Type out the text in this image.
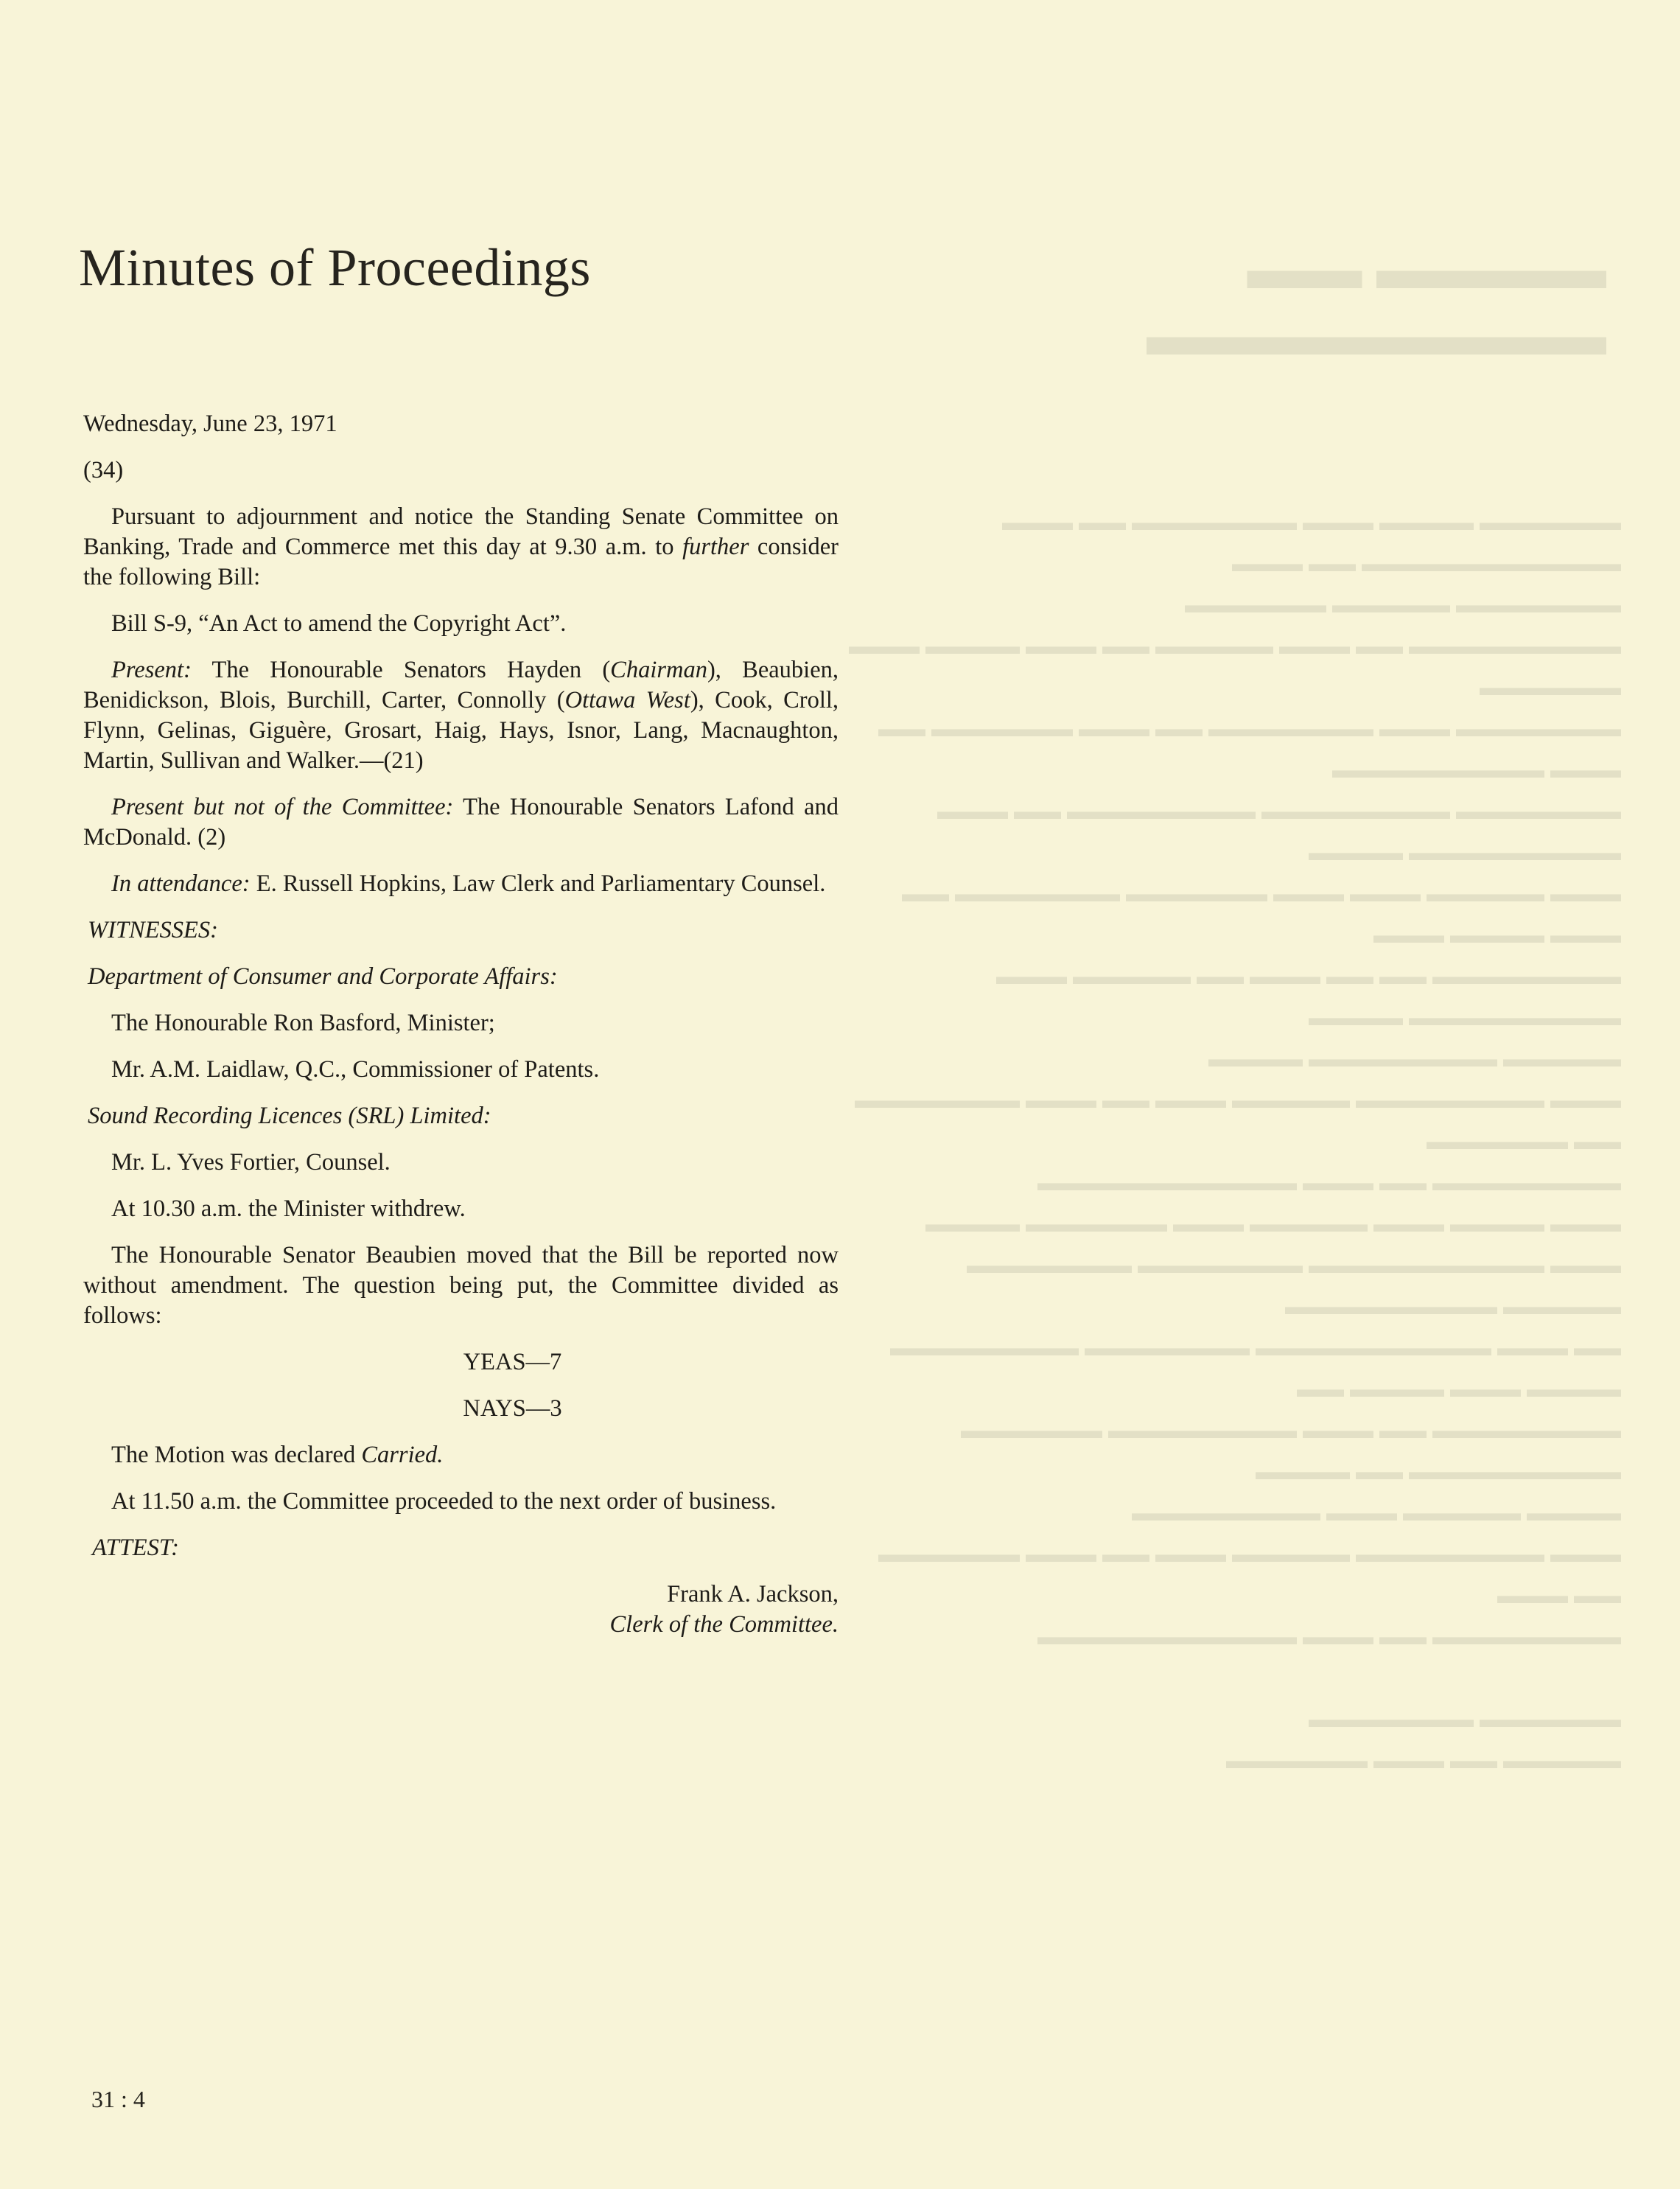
▬▬▬▬ ▬▬ ▬▬▬▬▬▬▬▬
▬▬▬▬▬▬ ▬▬▬▬ ▬▬▬ ▬▬▬▬▬▬▬ ▬▬ ▬▬▬ ▬▬▬▬▬▬▬▬▬▬▬ ▬▬ ▬▬▬
▬▬▬▬▬▬▬ ▬▬▬▬▬ ▬▬▬▬▬▬
▬▬▬▬▬▬▬▬▬ ▬▬ ▬▬▬ ▬▬▬▬▬ ▬▬ ▬▬▬ ▬▬▬▬ ▬▬▬ ▬▬▬▬▬▬
▬▬▬▬▬▬▬ ▬▬▬ ▬▬▬▬▬▬▬ ▬▬ ▬▬▬ ▬▬▬▬▬▬ ▬▬ ▬▬▬ ▬▬▬▬▬▬▬▬▬
▬▬▬▬▬▬▬ ▬▬▬▬▬▬▬▬ ▬▬▬▬▬▬▬▬ ▬▬ ▬▬▬ ▬▬▬▬▬▬▬▬▬ ▬▬▬▬
▬▬▬ ▬▬▬▬▬ ▬▬▬ ▬▬▬ ▬▬▬▬▬▬ ▬▬▬▬▬▬▬ ▬▬ ▬▬▬ ▬▬▬▬ ▬▬▬
▬▬▬▬▬▬▬▬ ▬▬ ▬▬ ▬▬▬ ▬▬ ▬▬▬▬▬ ▬▬▬ ▬▬▬▬▬▬▬▬▬ ▬▬▬▬
▬▬▬▬▬ ▬▬▬▬▬▬▬▬ ▬▬▬▬
▬▬▬ ▬▬▬▬▬▬▬▬ ▬▬▬▬▬ ▬▬▬ ▬▬ ▬▬▬ ▬▬▬▬▬▬▬ ▬▬ ▬▬▬▬▬▬
▬▬▬▬▬▬▬▬ ▬▬ ▬▬▬ ▬▬▬▬▬▬▬▬▬▬▬
▬▬▬ ▬▬▬▬ ▬▬▬ ▬▬▬▬▬ ▬▬▬ ▬▬▬▬▬▬ ▬▬▬▬
▬▬▬ ▬▬▬▬▬▬▬▬▬▬ ▬▬▬▬▬▬▬ ▬▬▬▬▬▬▬ ▬▬▬▬▬ ▬▬▬▬▬▬▬▬▬
▬▬ ▬▬▬ ▬▬▬▬▬▬▬▬▬▬ ▬▬▬▬▬▬▬ ▬▬▬▬▬▬▬▬ ▬▬▬▬ ▬▬▬ ▬▬▬▬ ▬▬
▬▬▬▬▬▬▬▬ ▬▬ ▬▬▬ ▬▬▬▬▬▬▬▬ ▬▬▬▬▬▬ ▬▬▬▬▬▬▬▬▬ ▬▬ ▬▬▬▬
▬▬▬▬ ▬▬▬▬▬ ▬▬▬ ▬▬▬▬▬▬▬▬
▬▬▬ ▬▬▬▬▬▬▬▬ ▬▬▬▬▬ ▬▬▬ ▬▬ ▬▬▬ ▬▬▬▬▬▬ ▬▬ ▬▬▬
▬▬▬▬▬▬▬▬ ▬▬ ▬▬▬ ▬▬▬▬▬▬▬▬▬▬▬

▬▬▬▬▬▬ ▬▬▬▬▬▬▬
▬▬▬▬▬ ▬▬ ▬▬▬ ▬▬▬▬▬▬
Minutes of Proceedings

Wednesday, June 23, 1971

(34)

Pursuant to adjournment and notice the Standing Senate Committee on Banking, Trade and Commerce met this day at 9.30 a.m. to further consider the following Bill:

Bill S-9, “An Act to amend the Copyright Act”.

Present: The Honourable Senators Hayden (Chairman), Beaubien, Benidickson, Blois, Burchill, Carter, Connolly (Ottawa West), Cook, Croll, Flynn, Gelinas, Giguère, Grosart, Haig, Hays, Isnor, Lang, Macnaughton, Martin, Sullivan and Walker.—(21)

Present but not of the Committee: The Honourable Senators Lafond and McDonald. (2)

In attendance: E. Russell Hopkins, Law Clerk and Parliamentary Counsel.

WITNESSES:

Department of Consumer and Corporate Affairs:

The Honourable Ron Basford, Minister;

Mr. A.M. Laidlaw, Q.C., Commissioner of Patents.

Sound Recording Licences (SRL) Limited:

Mr. L. Yves Fortier, Counsel.

At 10.30 a.m. the Minister withdrew.

The Honourable Senator Beaubien moved that the Bill be reported now without amendment. The question being put, the Committee divided as follows:

YEAS—7

NAYS—3

The Motion was declared Carried.

At 11.50 a.m. the Committee proceeded to the next order of business.

ATTEST:

Frank A. Jackson,

Clerk of the Committee.

31 : 4
